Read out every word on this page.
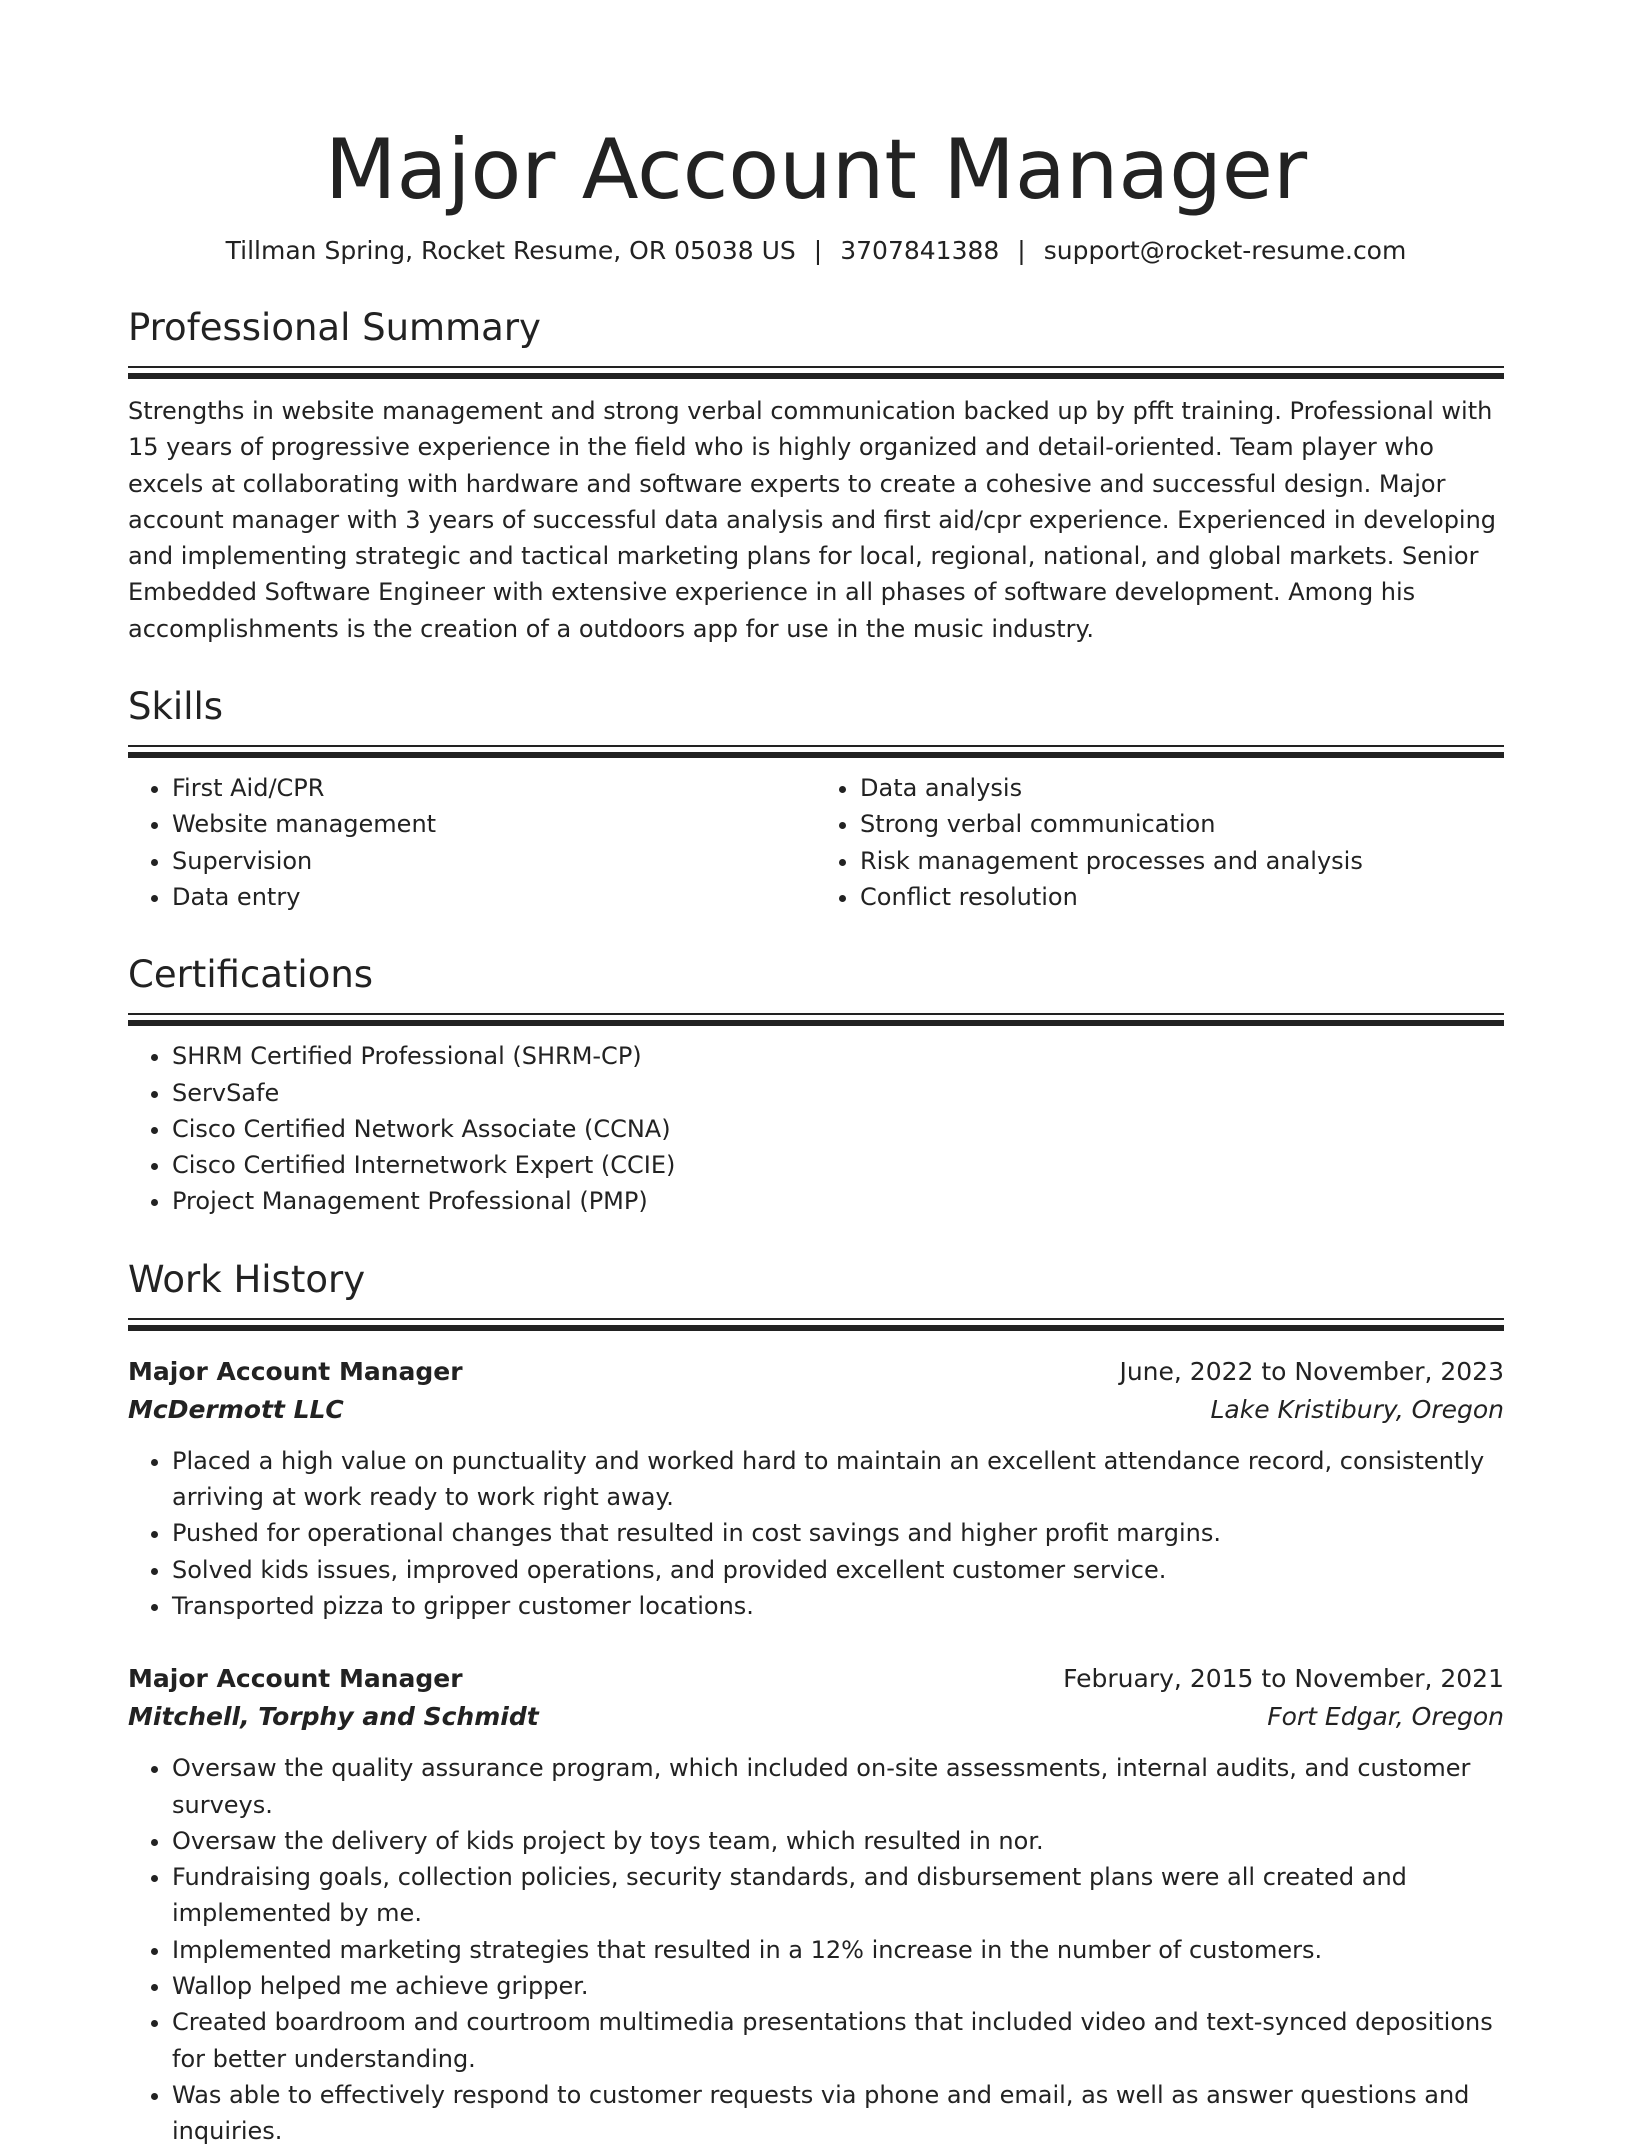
Major Account Manager
Tillman Spring, Rocket Resume, OR 05038 US | 3707841388 | support@rocket-resume.com
Professional Summary
Strengths in website management and strong verbal communication backed up by pfft training. Professional with 15 years of progressive experience in the field who is highly organized and detail-oriented. Team player who excels at collaborating with hardware and software experts to create a cohesive and successful design. Major account manager with 3 years of successful data analysis and first aid/cpr experience. Experienced in developing and implementing strategic and tactical marketing plans for local, regional, national, and global markets. Senior Embedded Software Engineer with extensive experience in all phases of software development. Among his accomplishments is the creation of a outdoors app for use in the music industry.
Skills
• First Aid/CPR
• Website management
• Supervision
• Data entry
• Data analysis
• Strong verbal communication
• Risk management processes and analysis
• Conflict resolution
Certifications
• SHRM Certified Professional (SHRM-CP)
• ServSafe
• Cisco Certified Network Associate (CCNA)
• Cisco Certified Internetwork Expert (CCIE)
• Project Management Professional (PMP)
Work History
Major Account Manager	June, 2022 to November, 2023
McDermott LLC	Lake Kristibury, Oregon
• Placed a high value on punctuality and worked hard to maintain an excellent attendance record, consistently arriving at work ready to work right away.
• Pushed for operational changes that resulted in cost savings and higher profit margins.
• Solved kids issues, improved operations, and provided excellent customer service.
• Transported pizza to gripper customer locations.
Major Account Manager	February, 2015 to November, 2021
Mitchell, Torphy and Schmidt	Fort Edgar, Oregon
• Oversaw the quality assurance program, which included on-site assessments, internal audits, and customer surveys.
• Oversaw the delivery of kids project by toys team, which resulted in nor.
• Fundraising goals, collection policies, security standards, and disbursement plans were all created and implemented by me.
• Implemented marketing strategies that resulted in a 12% increase in the number of customers.
• Wallop helped me achieve gripper.
• Created boardroom and courtroom multimedia presentations that included video and text-synced depositions for better understanding.
• Was able to effectively respond to customer requests via phone and email, as well as answer questions and inquiries.
